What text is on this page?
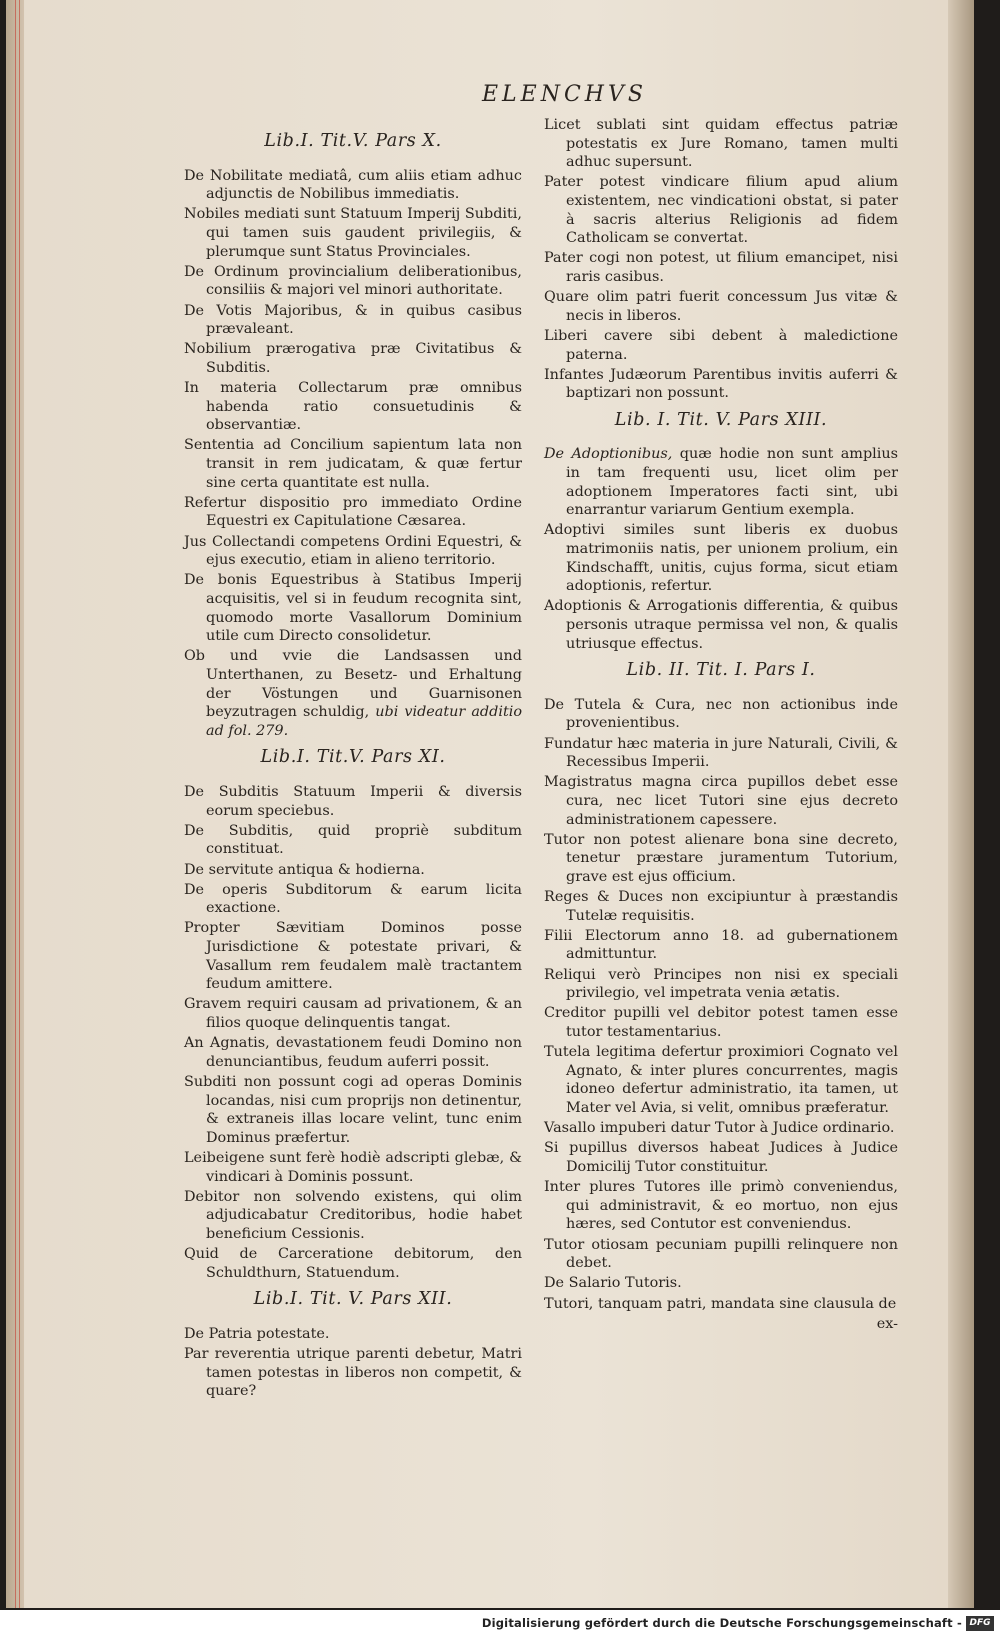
ELENCHVS
Lib.I. Tit.V. Pars X.

De Nobilitate mediatâ, cum aliis etiam adhuc adjunctis de Nobilibus immediatis.

Nobiles mediati sunt Statuum Imperij Subditi, qui tamen suis gaudent privilegiis, & plerumque sunt Status Provinciales.

De Ordinum provincialium deliberationibus, consiliis & majori vel minori authoritate.

De Votis Majoribus, & in quibus casibus prævaleant.

Nobilium prærogativa præ Civitatibus & Subditis.

In materia Collectarum præ omnibus habenda ratio consuetudinis & observantiæ.

Sententia ad Concilium sapientum lata non transit in rem judicatam, & quæ fertur sine certa quantitate est nulla.

Refertur dispositio pro immediato Ordine Equestri ex Capitulatione Cæsarea.

Jus Collectandi competens Ordini Equestri, & ejus executio, etiam in alieno territorio.

De bonis Equestribus à Statibus Imperij acquisitis, vel si in feudum recognita sint, quomodo morte Vasallorum Dominium utile cum Directo consolidetur.

Ob und vvie die Landsassen und Unterthanen, zu Besetz- und Erhaltung der Vöstungen und Guarnisonen beyzutragen schuldig, ubi videatur additio ad fol. 279.

Lib.I. Tit.V. Pars XI.

De Subditis Statuum Imperii & diversis eorum speciebus.

De Subditis, quid propriè subditum constituat.

De servitute antiqua & hodierna.

De operis Subditorum & earum licita exactione.

Propter Sævitiam Dominos posse Jurisdictione & potestate privari, & Vasallum rem feudalem malè tractantem feudum amittere.

Gravem requiri causam ad privationem, & an filios quoque delinquentis tangat.

An Agnatis, devastationem feudi Domino non denunciantibus, feudum auferri possit.

Subditi non possunt cogi ad operas Dominis locandas, nisi cum proprijs non detinentur, & extraneis illas locare velint, tunc enim Dominus præfertur.

Leibeigene sunt ferè hodiè adscripti glebæ, & vindicari à Dominis possunt.

Debitor non solvendo existens, qui olim adjudicabatur Creditoribus, hodie habet beneficium Cessionis.

Quid de Carceratione debitorum, den Schuldthurn, Statuendum.

Lib.I. Tit. V. Pars XII.

De Patria potestate.

Par reverentia utrique parenti debetur, Matri tamen potestas in liberos non competit, & quare?

Licet sublati sint quidam effectus patriæ potestatis ex Jure Romano, tamen multi adhuc supersunt.

Pater potest vindicare filium apud alium existentem, nec vindicationi obstat, si pater à sacris alterius Religionis ad fidem Catholicam se convertat.

Pater cogi non potest, ut filium emancipet, nisi raris casibus.

Quare olim patri fuerit concessum Jus vitæ & necis in liberos.

Liberi cavere sibi debent à maledictione paterna.

Infantes Judæorum Parentibus invitis auferri & baptizari non possunt.

Lib. I. Tit. V. Pars XIII.

De Adoptionibus, quæ hodie non sunt amplius in tam frequenti usu, licet olim per adoptionem Imperatores facti sint, ubi enarrantur variarum Gentium exempla.

Adoptivi similes sunt liberis ex duobus matrimoniis natis, per unionem prolium, ein Kindschafft, unitis, cujus forma, sicut etiam adoptionis, refertur.

Adoptionis & Arrogationis differentia, & quibus personis utraque permissa vel non, & qualis utriusque effectus.

Lib. II. Tit. I. Pars I.

De Tutela & Cura, nec non actionibus inde provenientibus.

Fundatur hæc materia in jure Naturali, Civili, & Recessibus Imperii.

Magistratus magna circa pupillos debet esse cura, nec licet Tutori sine ejus decreto administrationem capessere.

Tutor non potest alienare bona sine decreto, tenetur præstare juramentum Tutorium, grave est ejus officium.

Reges & Duces non excipiuntur à præstandis Tutelæ requisitis.

Filii Electorum anno 18. ad gubernationem admittuntur.

Reliqui verò Principes non nisi ex speciali privilegio, vel impetrata venia ætatis.

Creditor pupilli vel debitor potest tamen esse tutor testamentarius.

Tutela legitima defertur proximiori Cognato vel Agnato, & inter plures concurrentes, magis idoneo defertur administratio, ita tamen, ut Mater vel Avia, si velit, omnibus præferatur.

Vasallo impuberi datur Tutor à Judice ordinario.

Si pupillus diversos habeat Judices à Judice Domicilij Tutor constituitur.

Inter plures Tutores ille primò conveniendus, qui administravit, & eo mortuo, non ejus hæres, sed Contutor est conveniendus.

Tutor otiosam pecuniam pupilli relinquere non debet.

De Salario Tutoris.

Tutori, tanquam patri, mandata sine clausula de

ex-
Digitalisierung gefördert durch die Deutsche Forschungsgemeinschaft - DFG
